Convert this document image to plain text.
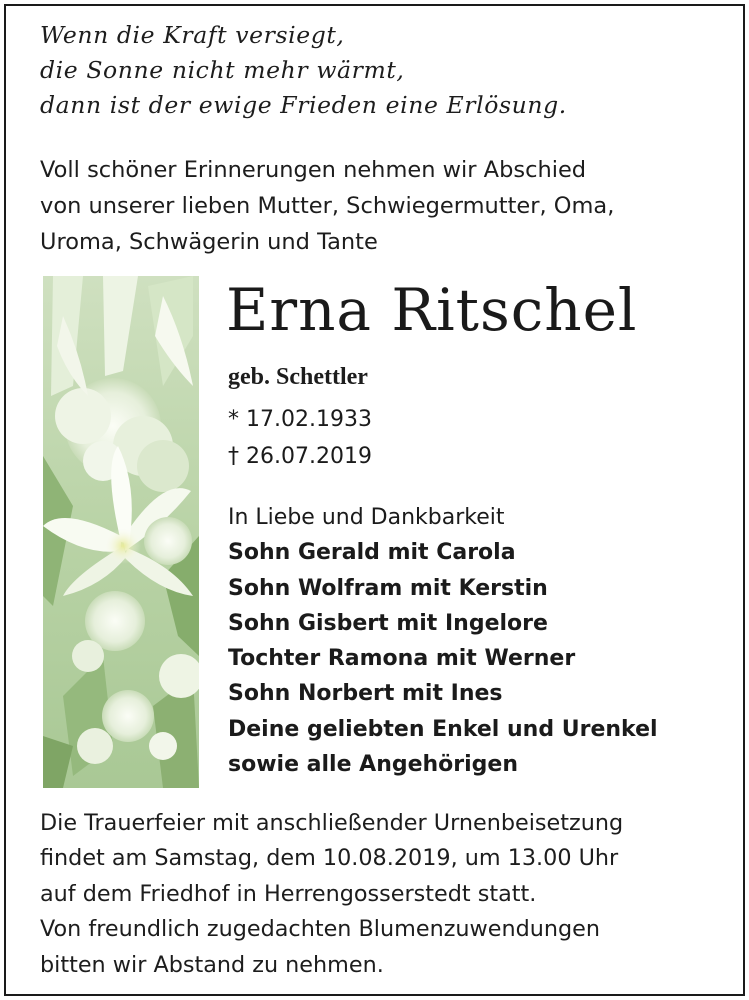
Wenn die Kraft versiegt,
die Sonne nicht mehr wärmt,
dann ist der ewige Frieden eine Erlösung.
Voll schöner Erinnerungen nehmen wir Abschied
von unserer lieben Mutter, Schwiegermutter, Oma,
Uroma, Schwägerin und Tante
Erna Ritschel
geb. Schettler
* 17.02.1933
† 26.07.2019
In Liebe und Dankbarkeit
Sohn Gerald mit Carola
Sohn Wolfram mit Kerstin
Sohn Gisbert mit Ingelore
Tochter Ramona mit Werner
Sohn Norbert mit Ines
Deine geliebten Enkel und Urenkel
sowie alle Angehörigen
Die Trauerfeier mit anschließender Urnenbeisetzung
findet am Samstag, dem 10.08.2019, um 13.00 Uhr
auf dem Friedhof in Herrengosserstedt statt.
Von freundlich zugedachten Blumenzuwendungen
bitten wir Abstand zu nehmen.
